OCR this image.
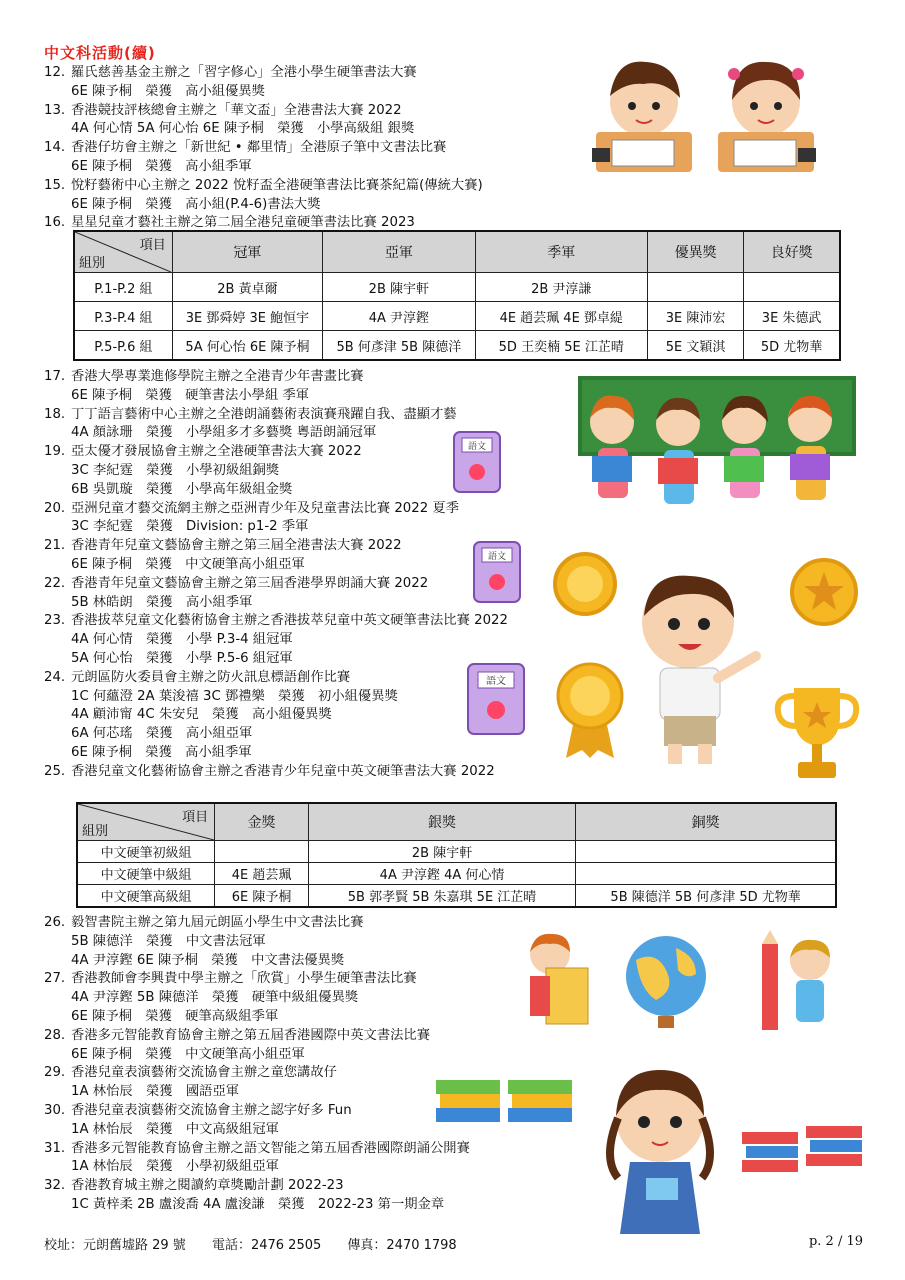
中文科活動(續)
12. 羅氏慈善基金主辦之「習字修心」全港小學生硬筆書法大賽
6E 陳予桐　榮獲　高小組優異獎
13. 香港競技評核總會主辦之「華文盃」全港書法大賽 2022
4A 何心情 5A 何心怡 6E 陳予桐　榮獲　小學高級組 銀獎
14. 香港仔坊會主辦之「新世紀 • 鄰里情」全港原子筆中文書法比賽
6E 陳予桐　榮獲　高小組季軍
15. 悅籽藝術中心主辦之 2022 悅籽盃全港硬筆書法比賽茶紀篇(傳統大賽)
6E 陳予桐　榮獲　高小組(P.4-6)書法大獎
16. 星星兒童才藝社主辦之第二屆全港兒童硬筆書法比賽 2023
項目
組別	冠軍	亞軍	季軍	優異獎	良好獎
P.1-P.2 組	2B 黃卓爾	2B 陳宇軒	2B 尹淳謙		
P.3-P.4 組	3E 鄧舜婷 3E 鮑恒宇	4A 尹淳鏗	4E 趙芸珮 4E 鄧卓緹	3E 陳沛宏	3E 朱德武
P.5-P.6 組	5A 何心怡 6E 陳予桐	5B 何彥津 5B 陳德洋	5D 王奕楠 5E 江芷晴	5E 文穎淇	5D 尤物華
17. 香港大學專業進修學院主辦之全港青少年書畫比賽
6E 陳予桐　榮獲　硬筆書法小學組 季軍
18. 丁丁語言藝術中心主辦之全港朗誦藝術表演賽飛躍自我、盡顯才藝
4A 顏詠珊　榮獲　小學組多才多藝獎 粵語朗誦冠軍
19. 亞太優才發展協會主辦之全港硬筆書法大賽 2022
3C 李紀霆　榮獲　小學初級組銅獎
6B 吳凱璇　榮獲　小學高年級組金獎
20. 亞洲兒童才藝交流網主辦之亞洲青少年及兒童書法比賽 2022 夏季
3C 李紀霆　榮獲　Division: p1-2 季軍
21. 香港青年兒童文藝協會主辦之第三屆全港書法大賽 2022
6E 陳予桐　榮獲　中文硬筆高小組亞軍
22. 香港青年兒童文藝協會主辦之第三屆香港學界朗誦大賽 2022
5B 林皓朗　榮獲　高小組季軍
23. 香港拔萃兒童文化藝術協會主辦之香港拔萃兒童中英文硬筆書法比賽 2022
4A 何心情　榮獲　小學 P.3-4 組冠軍
5A 何心怡　榮獲　小學 P.5-6 組冠軍
24. 元朗區防火委員會主辦之防火訊息標語創作比賽
1C 何蘊澄 2A 葉浚禧 3C 鄧禮樂　榮獲　初小組優異獎
4A 顧沛甯 4C 朱安兒　榮獲　高小組優異獎
6A 何芯瑤　榮獲　高小組亞軍
6E 陳予桐　榮獲　高小組季軍
25. 香港兒童文化藝術協會主辦之香港青少年兒童中英文硬筆書法大賽 2022
項目
組別	金獎	銀獎	銅獎
中文硬筆初級組		2B 陳宇軒	
中文硬筆中級組	4E 趙芸珮	4A 尹淳鏗 4A 何心情	
中文硬筆高級組	6E 陳予桐	5B 郭孝賢 5B 朱嘉琪 5E 江芷晴	5B 陳德洋 5B 何彥津 5D 尤物華
26. 毅智書院主辦之第九屆元朗區小學生中文書法比賽
5B 陳德洋　榮獲　中文書法冠軍
4A 尹淳鏗 6E 陳予桐　榮獲　中文書法優異獎
27. 香港教師會李興貴中學主辦之「欣賞」小學生硬筆書法比賽
4A 尹淳鏗 5B 陳德洋　榮獲　硬筆中級組優異獎
6E 陳予桐　榮獲　硬筆高級組季軍
28. 香港多元智能教育協會主辦之第五屆香港國際中英文書法比賽
6E 陳予桐　榮獲　中文硬筆高小組亞軍
29. 香港兒童表演藝術交流協會主辦之童您講故仔
1A 林怡辰　榮獲　國語亞軍
30. 香港兒童表演藝術交流協會主辦之認字好多 Fun
1A 林怡辰　榮獲　中文高級組冠軍
31. 香港多元智能教育協會主辦之語文智能之第五屆香港國際朗誦公開賽
1A 林怡辰　榮獲　小學初級組亞軍
32. 香港教育城主辦之閱讀約章獎勵計劃 2022-23
1C 黃梓柔 2B 盧浚喬 4A 盧浚謙　榮獲　2022-23 第一期金章
語文
語文
語文
校址：元朗舊墟路 29 號 電話：2476 2505 傳真：2470 1798	p. 2 / 19
